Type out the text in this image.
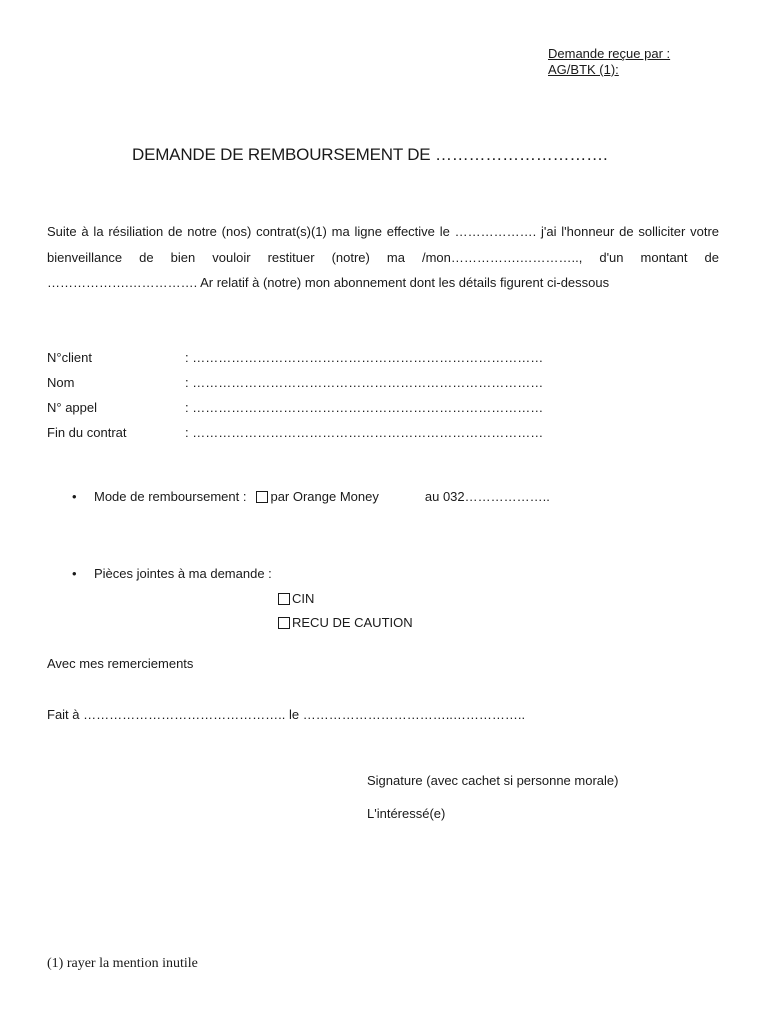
Demande reçue par :
AG/BTK (1):
DEMANDE DE REMBOURSEMENT DE ………………………….
Suite à la résiliation de notre (nos) contrat(s)(1) ma ligne effective le ………………. j'ai l'honneur de solliciter votre bienveillance de bien vouloir restituer (notre) ma /mon…………….………….., d'un montant de ……………….……………. Ar relatif à (notre) mon abonnement dont les détails figurent ci-dessous
N°client	: ………………………………………………………………………
Nom	: ………………………………………………………………………
N° appel	: ………………………………………………………………………
Fin du contrat	: ………………………………………………………………………
•	Mode de remboursement :	par Orange Money	au 032………………..
•	Pièces jointes à ma demande :
CIN
RECU DE CAUTION
Avec mes remerciements
Fait à ……………………………………….. le ……………………………..……………..
Signature (avec cachet si personne morale)
L'intéressé(e)
(1) rayer la mention inutile
